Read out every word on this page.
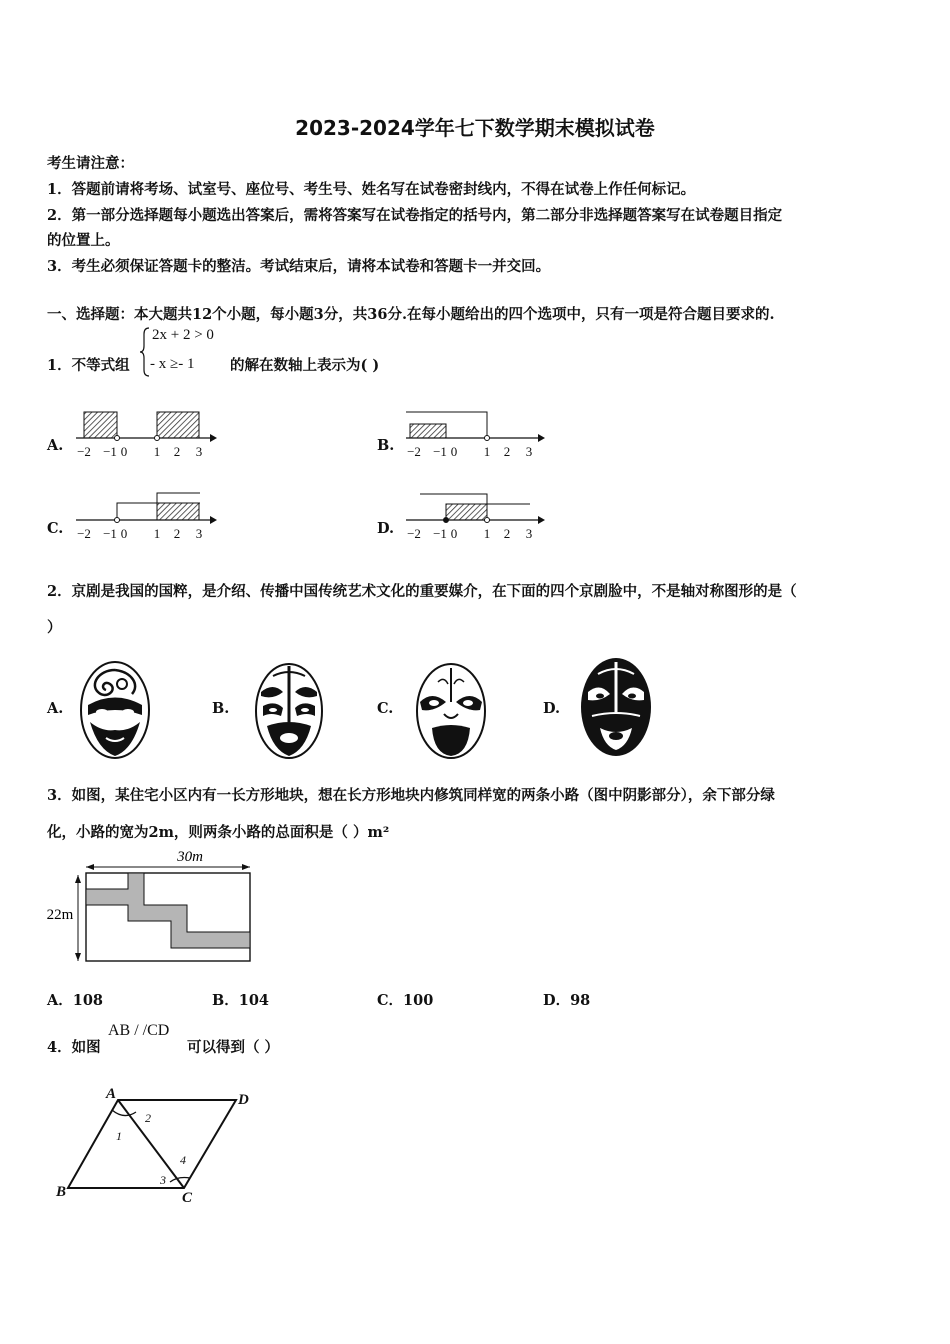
2023-2024学年七下数学期末模拟试卷
考生请注意：
1．答题前请将考场、试室号、座位号、考生号、姓名写在试卷密封线内，不得在试卷上作任何标记。
2．第一部分选择题每小题选出答案后，需将答案写在试卷指定的括号内，第二部分非选择题答案写在试卷题目指定
的位置上。
3．考生必须保证答题卡的整洁。考试结束后，请将本试卷和答题卡一并交回。
一、选择题：本大题共12个小题，每小题3分，共36分.在每小题给出的四个选项中，只有一项是符合题目要求的.
1．不等式组
2x + 2 > 0
- x ≥- 1 的解在数轴上表示为( )
A.	B.
C.	D.
−2 −1 0 1 2 3	−2 −1 0 1 2 3
−2 −1 0 1 2 3	−2 −1 0 1 2 3
2．京剧是我国的国粹，是介绍、传播中国传统艺术文化的重要媒介，在下面的四个京剧脸中，不是轴对称图形的是（
）
A.	B.	C.	D.
3．如图，某住宅小区内有一长方形地块，想在长方形地块内修筑同样宽的两条小路（图中阴影部分），余下部分绿
化，小路的宽为2m，则两条小路的总面积是（ ）m²
30m
22m
A．108	B．104	C．100	D．98
4．如图
AB / /CD
可以得到（ ）
A
B	C
D
1
2
3
4
